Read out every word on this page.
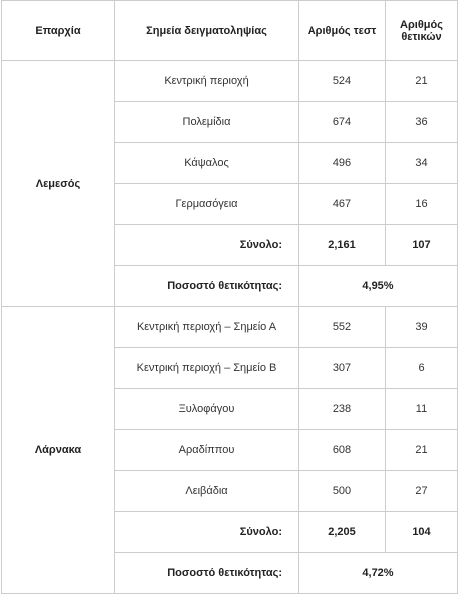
Επαρχία	Σημεία δειγματοληψίας	Αριθμός τεστ	Αριθμός θετικών
Λεμεσός	Κεντρική περιοχή	524	21
	Πολεμίδια	674	36
	Κάψαλος	496	34
	Γερμασόγεια	467	16
	Σύνολο:	2,161	107
	Ποσοστό θετικότητας:	4,95%	
Λάρνακα	Κεντρική περιοχή – Σημείο Α	552	39
	Κεντρική περιοχή – Σημείο Β	307	6
	Ξυλοφάγου	238	11
	Αραδίππου	608	21
	Λειβάδια	500	27
	Σύνολο:	2,205	104
	Ποσοστό θετικότητας:	4,72%	
